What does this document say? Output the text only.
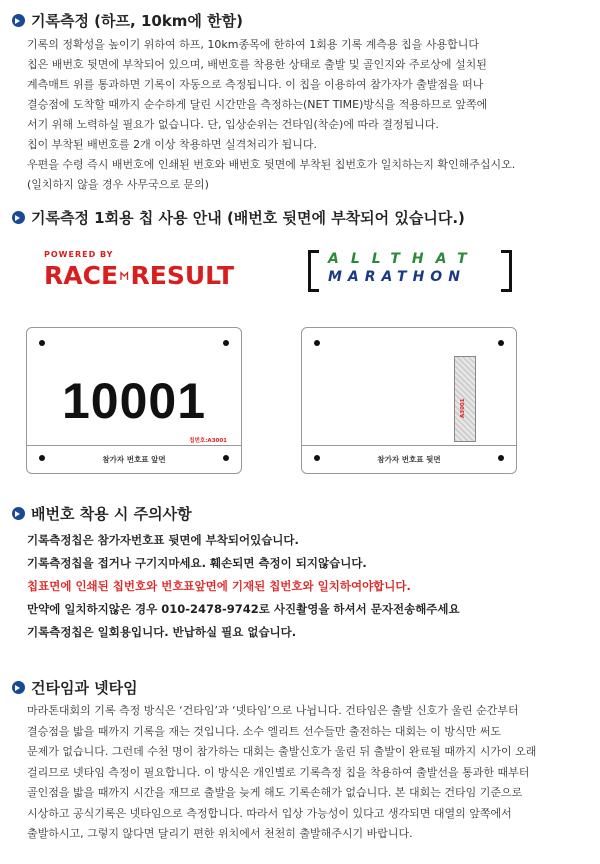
기록측정 (하프, 10km에 한함)
기록의 정확성을 높이기 위하여 하프, 10km종목에 한하여 1회용 기록 계측용 칩을 사용합니다
칩은 배번호 뒷면에 부착되어 있으며, 배번호를 착용한 상태로 출발 및 골인지와 주로상에 설치된
계측매트 위를 통과하면 기록이 자동으로 측정됩니다. 이 칩을 이용하여 참가자가 출발점을 떠나
결승점에 도착할 때까지 순수하게 달린 시간만을 측정하는(NET TIME)방식을 적용하므로 앞쪽에
서기 위해 노력하실 필요가 없습니다. 단, 입상순위는 건타임(착순)에 따라 결정됩니다.
칩이 부착된 배번호를 2개 이상 착용하면 실격처리가 됩니다.
우편을 수령 즉시 배번호에 인쇄된 번호와 배번호 뒷면에 부착된 칩번호가 일치하는지 확인해주십시오.
(일치하지 않을 경우 사무국으로 문의)
기록측정 1회용 칩 사용 안내 (배번호 뒷면에 부착되어 있습니다.)
POWERED BY
RACE RESULT
ALLTHAT
MARATHON
10001
칩번호:A3001
참가자 번호표 앞면
A3001
참가자 번호표 뒷면
배번호 착용 시 주의사항
기록측정칩은 참가자번호표 뒷면에 부착되어있습니다.
기록측정칩을 접거나 구기지마세요. 훼손되면 측정이 되지않습니다.
칩표면에 인쇄된 칩번호와 번호표앞면에 기재된 칩번호와 일치하여야합니다.
만약에 일치하지않은 경우 010-2478-9742로 사진촬영을 하셔서 문자전송해주세요
기록측정칩은 일회용입니다. 반납하실 필요 없습니다.
건타임과 넷타임
마라톤대회의 기록 측정 방식은 ‘건타임’과 ‘넷타임’으로 나뉩니다. 건타임은 출발 신호가 울린 순간부터
결승점을 밟을 때까지 기록을 재는 것입니다. 소수 엘리트 선수들만 출전하는 대회는 이 방식만 써도
문제가 없습니다. 그런데 수천 명이 참가하는 대회는 출발신호가 울린 뒤 출발이 완료될 때까지 시가이 오래
걸리므로 넷타임 측정이 필요합니다. 이 방식은 개인별로 기록측정 칩을 착용하여 출발선을 통과한 때부터
골인점을 밟을 때까지 시간을 재므로 출발을 늦게 해도 기록손해가 없습니다. 본 대회는 건타임 기준으로
시상하고 공식기록은 넷타임으로 측정합니다. 따라서 입상 가능성이 있다고 생각되면 대열의 앞쪽에서
출발하시고, 그렇지 않다면 달리기 편한 위치에서 천천히 출발해주시기 바랍니다.
